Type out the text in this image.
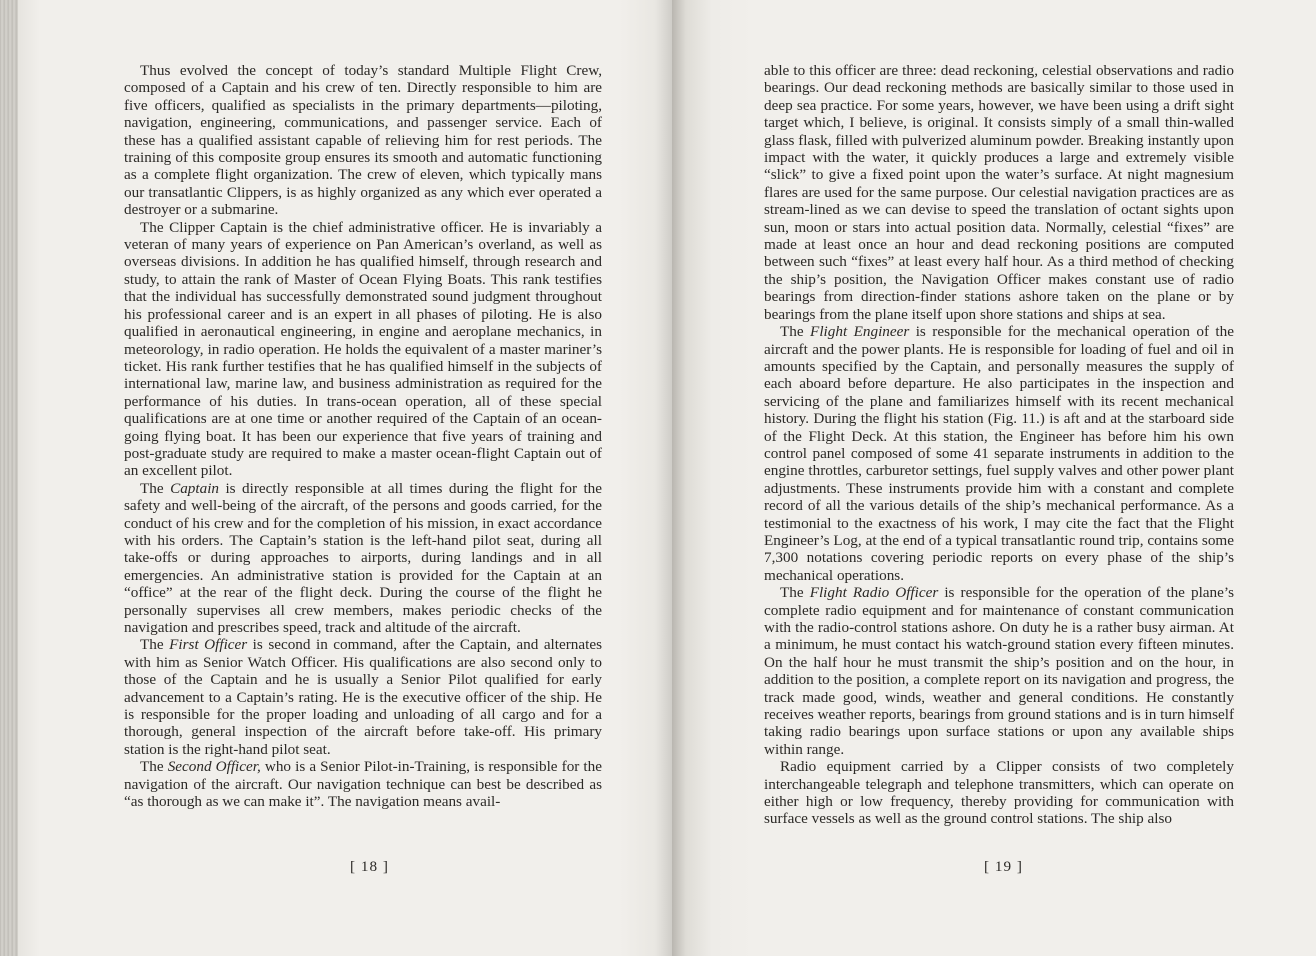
Thus evolved the concept of today’s standard Multiple Flight Crew, composed of a Captain and his crew of ten. Directly responsible to him are five officers, qualified as specialists in the primary departments—piloting, navigation, engineering, communications, and passenger service. Each of these has a qualified assistant capable of relieving him for rest periods. The training of this composite group ensures its smooth and automatic functioning as a complete flight organization. The crew of eleven, which typically mans our transatlantic Clippers, is as highly organized as any which ever operated a destroyer or a submarine.

The Clipper Captain is the chief administrative officer. He is invariably a veteran of many years of experience on Pan American’s overland, as well as overseas divisions. In addition he has qualified himself, through research and study, to attain the rank of Master of Ocean Flying Boats. This rank testifies that the individual has successfully demonstrated sound judgment throughout his professional career and is an expert in all phases of piloting. He is also qualified in aeronautical engineering, in engine and aeroplane mechanics, in meteorology, in radio operation. He holds the equivalent of a master mariner’s ticket. His rank further testifies that he has qualified himself in the subjects of international law, marine law, and business administration as required for the performance of his duties. In trans-ocean operation, all of these special qualifications are at one time or another required of the Captain of an ocean-going flying boat. It has been our experience that five years of training and post-graduate study are required to make a master ocean-flight Captain out of an excellent pilot.

The Captain is directly responsible at all times during the flight for the safety and well-being of the aircraft, of the persons and goods carried, for the conduct of his crew and for the completion of his mission, in exact accordance with his orders. The Captain’s station is the left-hand pilot seat, during all take-offs or during approaches to airports, during landings and in all emergencies. An administrative station is provided for the Captain at an “office” at the rear of the flight deck. During the course of the flight he personally supervises all crew members, makes periodic checks of the navigation and prescribes speed, track and altitude of the aircraft.

The First Officer is second in command, after the Captain, and alternates with him as Senior Watch Officer. His qualifications are also second only to those of the Captain and he is usually a Senior Pilot qualified for early advancement to a Captain’s rating. He is the executive officer of the ship. He is responsible for the proper loading and unloading of all cargo and for a thorough, general inspection of the aircraft before take-off. His primary station is the right-hand pilot seat.

The Second Officer, who is a Senior Pilot-in-Training, is responsible for the navigation of the aircraft. Our navigation technique can best be described as “as thorough as we can make it”. The navigation means avail-

[ 18 ]

able to this officer are three: dead reckoning, celestial observations and radio bearings. Our dead reckoning methods are basically similar to those used in deep sea practice. For some years, however, we have been using a drift sight target which, I believe, is original. It consists simply of a small thin-walled glass flask, filled with pulverized aluminum powder. Breaking instantly upon impact with the water, it quickly produces a large and extremely visible “slick” to give a fixed point upon the water’s surface. At night magnesium flares are used for the same purpose. Our celestial navigation practices are as stream-lined as we can devise to speed the translation of octant sights upon sun, moon or stars into actual position data. Normally, celestial “fixes” are made at least once an hour and dead reckoning positions are computed between such “fixes” at least every half hour. As a third method of checking the ship’s position, the Navigation Officer makes constant use of radio bearings from direction-finder stations ashore taken on the plane or by bearings from the plane itself upon shore stations and ships at sea.

The Flight Engineer is responsible for the mechanical operation of the aircraft and the power plants. He is responsible for loading of fuel and oil in amounts specified by the Captain, and personally measures the supply of each aboard before departure. He also participates in the inspection and servicing of the plane and familiarizes himself with its recent mechanical history. During the flight his station (Fig. 11.) is aft and at the starboard side of the Flight Deck. At this station, the Engineer has before him his own control panel composed of some 41 separate instruments in addition to the engine throttles, carburetor settings, fuel supply valves and other power plant adjustments. These instruments provide him with a constant and complete record of all the various details of the ship’s mechanical performance. As a testimonial to the exactness of his work, I may cite the fact that the Flight Engineer’s Log, at the end of a typical transatlantic round trip, contains some 7,300 notations covering periodic reports on every phase of the ship’s mechanical operations.

The Flight Radio Officer is responsible for the operation of the plane’s complete radio equipment and for maintenance of constant communication with the radio-control stations ashore. On duty he is a rather busy airman. At a minimum, he must contact his watch-ground station every fifteen minutes. On the half hour he must transmit the ship’s position and on the hour, in addition to the position, a complete report on its navigation and progress, the track made good, winds, weather and general conditions. He constantly receives weather reports, bearings from ground stations and is in turn himself taking radio bearings upon surface stations or upon any available ships within range.

Radio equipment carried by a Clipper consists of two completely interchangeable telegraph and telephone transmitters, which can operate on either high or low frequency, thereby providing for communication with surface vessels as well as the ground control stations. The ship also

[ 19 ]
